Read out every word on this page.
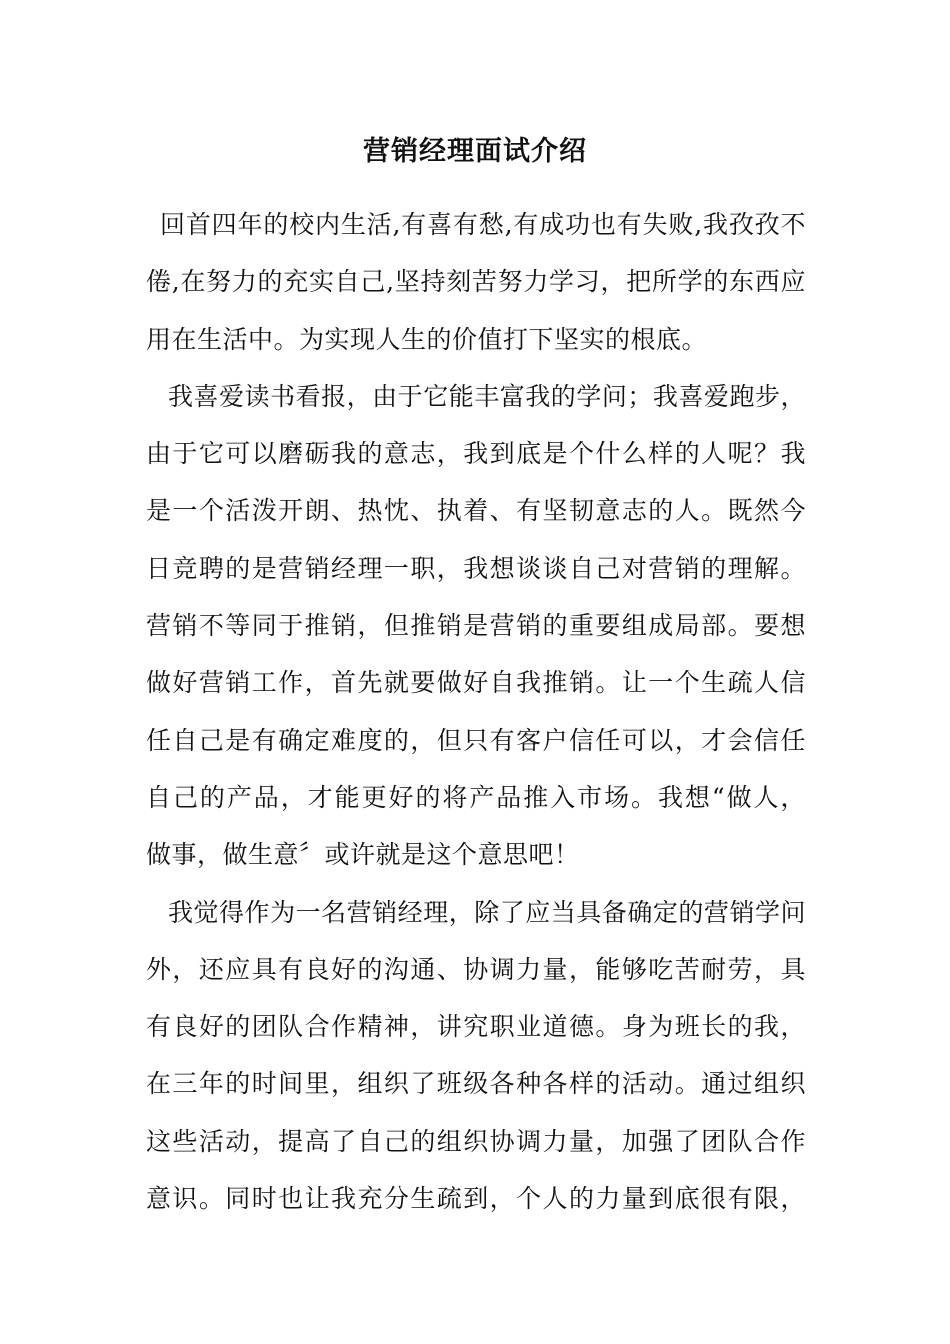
营销经理面试介绍
回首四年的校内生活,有喜有愁,有成功也有失败,我孜孜不
倦,在努力的充实自己,坚持刻苦努力学习，把所学的东西应
用在生活中。为实现人生的价值打下坚实的根底。
我喜爱读书看报，由于它能丰富我的学问；我喜爱跑步，
由于它可以磨砺我的意志，我到底是个什么样的人呢？我
是一个活泼开朗、热忱、执着、有坚韧意志的人。既然今
日竞聘的是营销经理一职，我想谈谈自己对营销的理解。
营销不等同于推销，但推销是营销的重要组成局部。要想
做好营销工作，首先就要做好自我推销。让一个生疏人信
任自己是有确定难度的，但只有客户信任可以，才会信任
自己的产品，才能更好的将产品推入市场。我想“做人，
做事，做生意〞或许就是这个意思吧！
我觉得作为一名营销经理，除了应当具备确定的营销学问
外，还应具有良好的沟通、协调力量，能够吃苦耐劳，具
有良好的团队合作精神，讲究职业道德。身为班长的我，
在三年的时间里，组织了班级各种各样的活动。通过组织
这些活动，提高了自己的组织协调力量，加强了团队合作
意识。同时也让我充分生疏到，个人的力量到底很有限，
